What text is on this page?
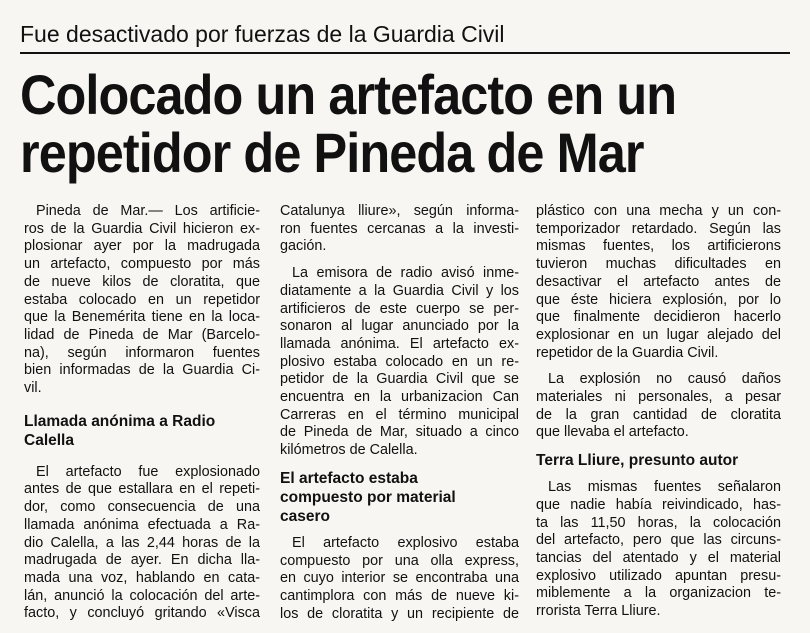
Fue desactivado por fuerzas de la Guardia Civil
Colocado un artefacto en un
repetidor de Pineda de Mar
Pineda de Mar.— Los artificie-
ros de la Guardia Civil hicieron ex-
plosionar ayer por la madrugada
un artefacto, compuesto por más
de nueve kilos de cloratita, que
estaba colocado en un repetidor
que la Benemérita tiene en la loca-
lidad de Pineda de Mar (Barcelo-
na), según informaron fuentes
bien informadas de la Guardia Ci-
vil.
Llamada anónima a Radio
Calella
El artefacto fue explosionado
antes de que estallara en el repeti-
dor, como consecuencia de una
llamada anónima efectuada a Ra-
dio Calella, a las 2,44 horas de la
madrugada de ayer. En dicha lla-
mada una voz, hablando en cata-
lán, anunció la colocación del arte-
facto, y concluyó gritando «Visca
Catalunya lliure», según informa-
ron fuentes cercanas a la investi-
gación.
La emisora de radio avisó inme-
diatamente a la Guardia Civil y los
artificieros de este cuerpo se per-
sonaron al lugar anunciado por la
llamada anónima. El artefacto ex-
plosivo estaba colocado en un re-
petidor de la Guardia Civil que se
encuentra en la urbanizacion Can
Carreras en el término municipal
de Pineda de Mar, situado a cinco
kilómetros de Calella.
El artefacto estaba
compuesto por material
casero
El artefacto explosivo estaba
compuesto por una olla express,
en cuyo interior se encontraba una
cantimplora con más de nueve ki-
los de cloratita y un recipiente de
plástico con una mecha y un con-
temporizador retardado. Según las
mismas fuentes, los artificierons
tuvieron muchas dificultades en
desactivar el artefacto antes de
que éste hiciera explosión, por lo
que finalmente decidieron hacerlo
explosionar en un lugar alejado del
repetidor de la Guardia Civil.
La explosión no causó daños
materiales ni personales, a pesar
de la gran cantidad de cloratita
que llevaba el artefacto.
Terra Lliure, presunto autor
Las mismas fuentes señalaron
que nadie había reivindicado, has-
ta las 11,50 horas, la colocación
del artefacto, pero que las circuns-
tancias del atentado y el material
explosivo utilizado apuntan presu-
miblemente a la organizacion te-
rrorista Terra Lliure.
